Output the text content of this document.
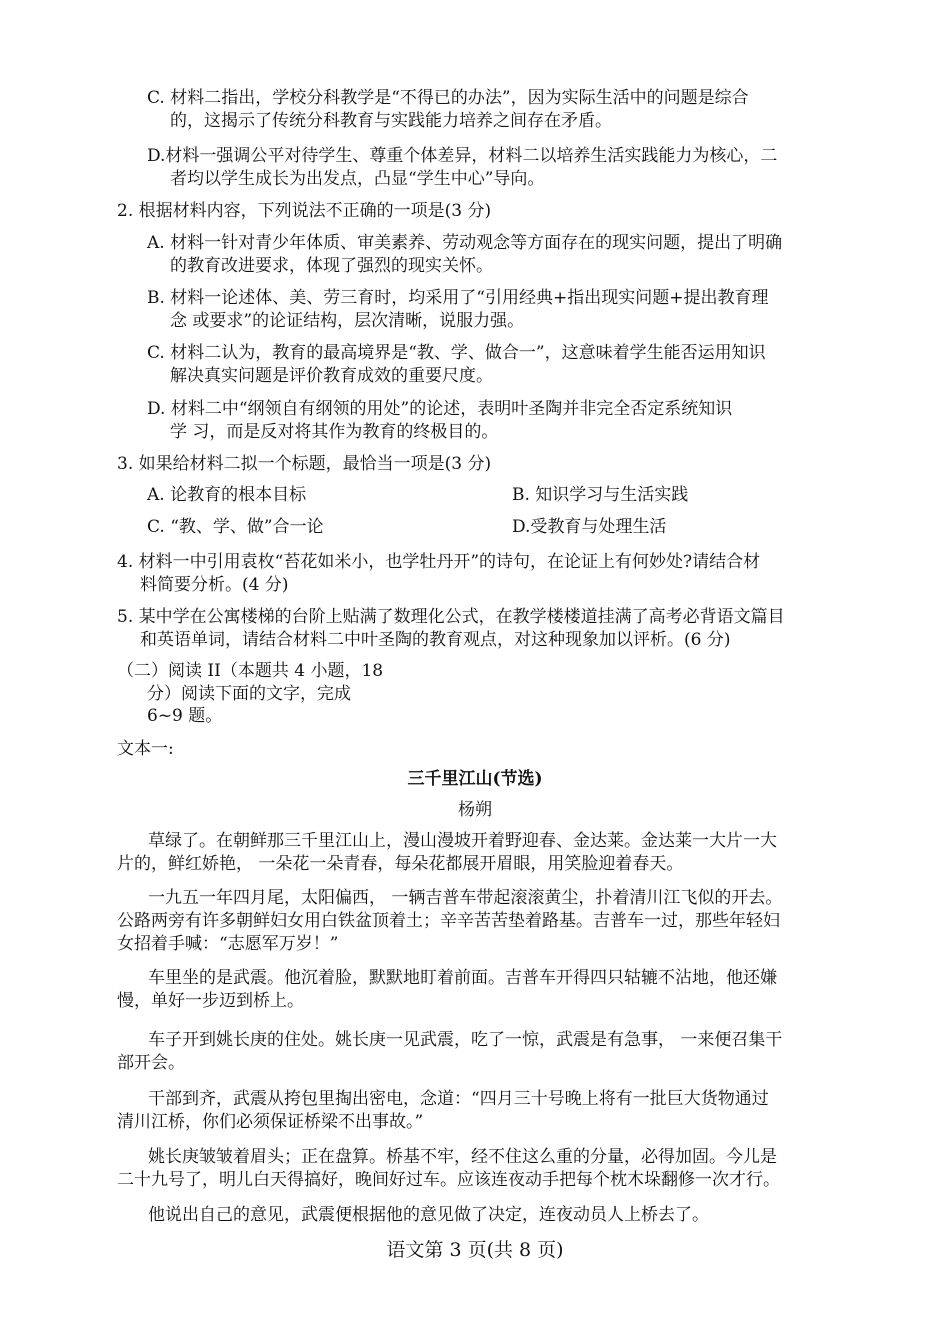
C. 材料二指出，学校分科教学是“不得已的办法”，因为实际生活中的问题是综合
的，这揭示了传统分科教育与实践能力培养之间存在矛盾。
D.材料一强调公平对待学生、尊重个体差异，材料二以培养生活实践能力为核心，二
者均以学生成长为出发点，凸显“学生中心”导向。
2. 根据材料内容，下列说法不正确的一项是(3 分)
A. 材料一针对青少年体质、审美素养、劳动观念等方面存在的现实问题，提出了明确
的教育改进要求，体现了强烈的现实关怀。
B. 材料一论述体、美、劳三育时，均采用了“引用经典+指出现实问题+提出教育理
念 或要求”的论证结构，层次清晰，说服力强。
C. 材料二认为，教育的最高境界是“教、学、做合一”，这意味着学生能否运用知识
解决真实问题是评价教育成效的重要尺度。
D. 材料二中“纲领自有纲领的用处”的论述，表明叶圣陶并非完全否定系统知识
学 习，而是反对将其作为教育的终极目的。
3. 如果给材料二拟一个标题，最恰当一项是(3 分)
A. 论教育的根本目标	B. 知识学习与生活实践
C. “教、学、做”合一论	D.受教育与处理生活
4. 材料一中引用袁枚“苔花如米小，也学牡丹开”的诗句，在论证上有何妙处?请结合材
料简要分析。(4 分)
5. 某中学在公寓楼梯的台阶上贴满了数理化公式，在教学楼楼道挂满了高考必背语文篇目
和英语单词，请结合材料二中叶圣陶的教育观点，对这种现象加以评析。(6 分)
（二）阅读 II（本题共 4 小题，18
分）阅读下面的文字，完成
6~9 题。
文本一:
三千里江山(节选)
杨朔
草绿了。在朝鲜那三千里江山上，漫山漫坡开着野迎春、金达莱。金达莱一大片一大
片的，鲜红娇艳， 一朵花一朵青春，每朵花都展开眉眼，用笑脸迎着春天。
一九五一年四月尾，太阳偏西， 一辆吉普车带起滚滚黄尘，扑着清川江飞似的开去。
公路两旁有许多朝鲜妇女用白铁盆顶着土；辛辛苦苦垫着路基。吉普车一过，那些年轻妇
女招着手喊：“志愿军万岁！”
车里坐的是武震。他沉着脸，默默地盯着前面。吉普车开得四只轱辘不沾地，他还嫌
慢，单好一步迈到桥上。
车子开到姚长庚的住处。姚长庚一见武震，吃了一惊，武震是有急事， 一来便召集干
部开会。
干部到齐，武震从挎包里掏出密电，念道：“四月三十号晚上将有一批巨大货物通过
清川江桥，你们必须保证桥梁不出事故。”
姚长庚皱皱着眉头；正在盘算。桥基不牢，经不住这么重的分量，必得加固。今儿是
二十九号了，明儿白天得搞好，晚间好过车。应该连夜动手把每个枕木垛翻修一次才行。
他说出自己的意见，武震便根据他的意见做了决定，连夜动员人上桥去了。
语文第 3 页(共 8 页)
